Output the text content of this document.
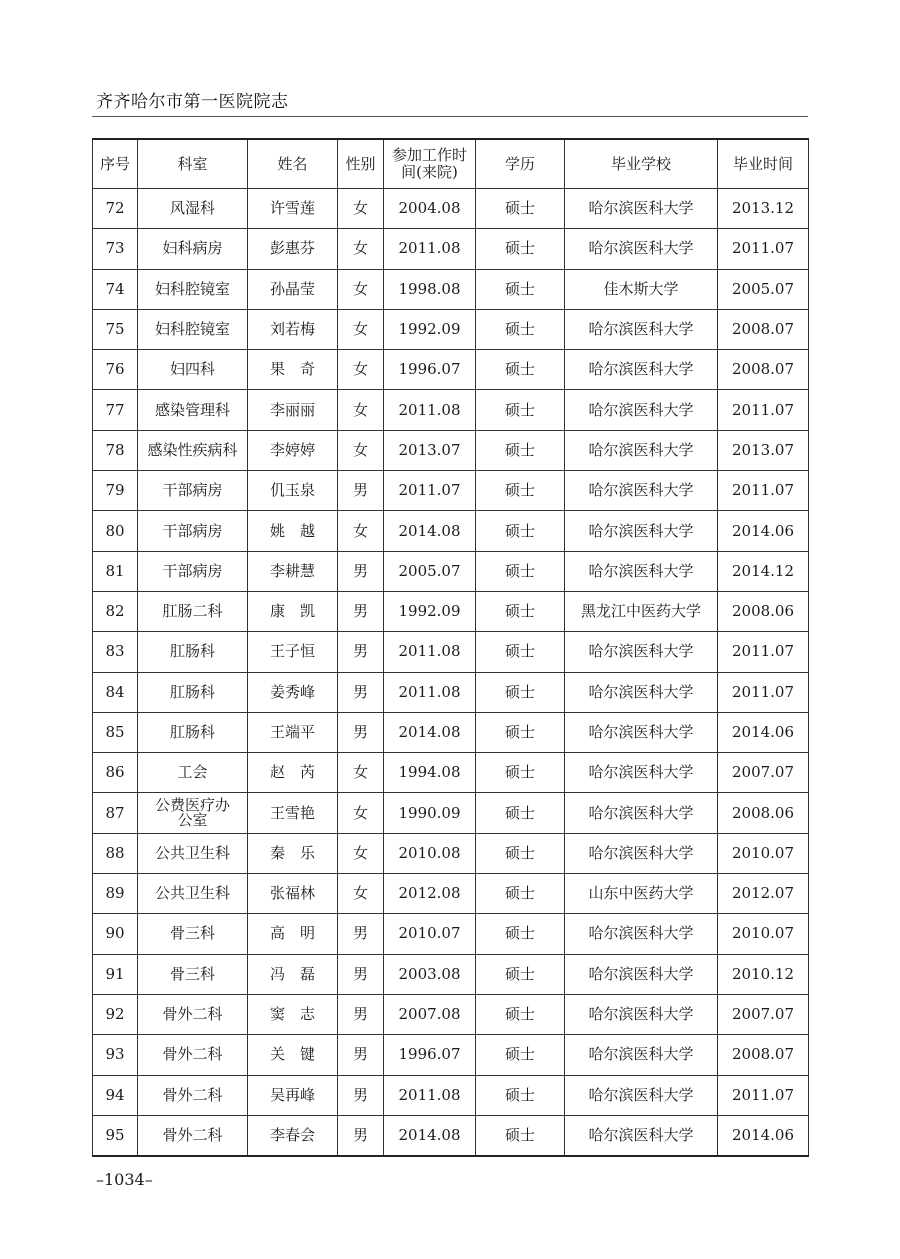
齐齐哈尔市第一医院院志
序号	科室	姓名	性别	参加工作时间(来院)	学历	毕业学校	毕业时间
72	风湿科	许雪莲	女	2004.08	硕士	哈尔滨医科大学	2013.12
73	妇科病房	彭惠芬	女	2011.08	硕士	哈尔滨医科大学	2011.07
74	妇科腔镜室	孙晶莹	女	1998.08	硕士	佳木斯大学	2005.07
75	妇科腔镜室	刘若梅	女	1992.09	硕士	哈尔滨医科大学	2008.07
76	妇四科	果　奇	女	1996.07	硕士	哈尔滨医科大学	2008.07
77	感染管理科	李丽丽	女	2011.08	硕士	哈尔滨医科大学	2011.07
78	感染性疾病科	李婷婷	女	2013.07	硕士	哈尔滨医科大学	2013.07
79	干部病房	仉玉泉	男	2011.07	硕士	哈尔滨医科大学	2011.07
80	干部病房	姚　越	女	2014.08	硕士	哈尔滨医科大学	2014.06
81	干部病房	李耕慧	男	2005.07	硕士	哈尔滨医科大学	2014.12
82	肛肠二科	康　凯	男	1992.09	硕士	黑龙江中医药大学	2008.06
83	肛肠科	王子恒	男	2011.08	硕士	哈尔滨医科大学	2011.07
84	肛肠科	姜秀峰	男	2011.08	硕士	哈尔滨医科大学	2011.07
85	肛肠科	王端平	男	2014.08	硕士	哈尔滨医科大学	2014.06
86	工会	赵　芮	女	1994.08	硕士	哈尔滨医科大学	2007.07
87	公费医疗办公室	王雪艳	女	1990.09	硕士	哈尔滨医科大学	2008.06
88	公共卫生科	秦　乐	女	2010.08	硕士	哈尔滨医科大学	2010.07
89	公共卫生科	张福林	女	2012.08	硕士	山东中医药大学	2012.07
90	骨三科	高　明	男	2010.07	硕士	哈尔滨医科大学	2010.07
91	骨三科	冯　磊	男	2003.08	硕士	哈尔滨医科大学	2010.12
92	骨外二科	窦　志	男	2007.08	硕士	哈尔滨医科大学	2007.07
93	骨外二科	关　键	男	1996.07	硕士	哈尔滨医科大学	2008.07
94	骨外二科	吴再峰	男	2011.08	硕士	哈尔滨医科大学	2011.07
95	骨外二科	李春会	男	2014.08	硕士	哈尔滨医科大学	2014.06
–1034–
